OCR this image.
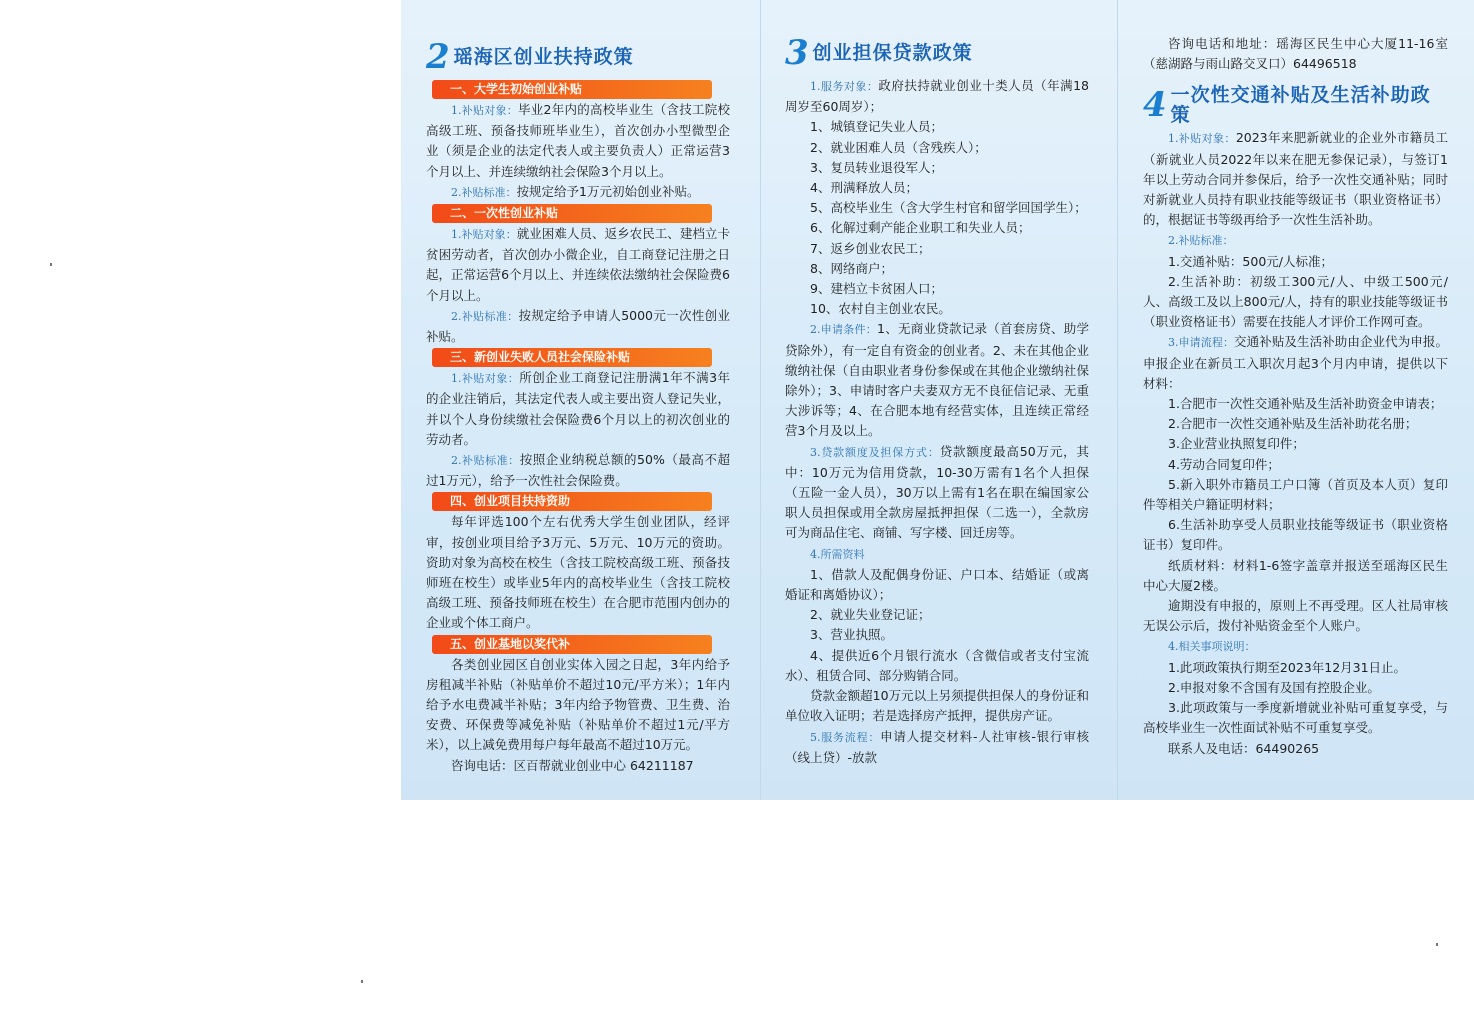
2 瑶海区创业扶持政策
一、大学生初始创业补贴

1.补贴对象：毕业2年内的高校毕业生（含技工院校高级工班、预备技师班毕业生），首次创办小型微型企业（须是企业的法定代表人或主要负责人）正常运营3个月以上、并连续缴纳社会保险3个月以上。

2.补贴标准：按规定给予1万元初始创业补贴。

二、一次性创业补贴

1.补贴对象：就业困难人员、返乡农民工、建档立卡贫困劳动者，首次创办小微企业，自工商登记注册之日起，正常运营6个月以上、并连续依法缴纳社会保险费6个月以上。

2.补贴标准：按规定给予申请人5000元一次性创业补贴。

三、新创业失败人员社会保险补贴

1.补贴对象：所创企业工商登记注册满1年不满3年的企业注销后，其法定代表人或主要出资人登记失业，并以个人身份续缴社会保险费6个月以上的初次创业的劳动者。

2.补贴标准：按照企业纳税总额的50%（最高不超过1万元），给予一次性社会保险费。

四、创业项目扶持资助

每年评选100个左右优秀大学生创业团队，经评审，按创业项目给予3万元、5万元、10万元的资助。资助对象为高校在校生（含技工院校高级工班、预备技师班在校生）或毕业5年内的高校毕业生（含技工院校高级工班、预备技师班在校生）在合肥市范围内创办的企业或个体工商户。

五、创业基地以奖代补

各类创业园区自创业实体入园之日起，3年内给予房租减半补贴（补贴单价不超过10元/平方米）；1年内给予水电费减半补贴；3年内给予物管费、卫生费、治安费、环保费等减免补贴（补贴单价不超过1元/平方米），以上减免费用每户每年最高不超过10万元。

咨询电话：区百帮就业创业中心 64211187

3 创业担保贷款政策

1.服务对象：政府扶持就业创业十类人员（年满18周岁至60周岁）；

1、城镇登记失业人员；

2、就业困难人员（含残疾人）；

3、复员转业退役军人；

4、刑满释放人员；

5、高校毕业生（含大学生村官和留学回国学生）；

6、化解过剩产能企业职工和失业人员；

7、返乡创业农民工；

8、网络商户；

9、建档立卡贫困人口；

10、农村自主创业农民。

2.申请条件：1、无商业贷款记录（首套房贷、助学贷除外），有一定自有资金的创业者。2、未在其他企业缴纳社保（自由职业者身份参保或在其他企业缴纳社保除外）；3、申请时客户夫妻双方无不良征信记录、无重大涉诉等；4、在合肥本地有经营实体，且连续正常经营3个月及以上。

3.贷款额度及担保方式：贷款额度最高50万元，其中：10万元为信用贷款，10-30万需有1名个人担保（五险一金人员），30万以上需有1名在职在编国家公职人员担保或用全款房屋抵押担保（二选一），全款房可为商品住宅、商铺、写字楼、回迁房等。

4.所需资料

1、借款人及配偶身份证、户口本、结婚证（或离婚证和离婚协议）；

2、就业失业登记证；

3、营业执照。

4、提供近6个月银行流水（含微信或者支付宝流水）、租赁合同、部分购销合同。

贷款金额超10万元以上另须提供担保人的身份证和单位收入证明；若是选择房产抵押，提供房产证。

5.服务流程：申请人提交材料-人社审核-银行审核（线上贷）-放款

咨询电话和地址：瑶海区民生中心大厦11-16室（慈湖路与雨山路交叉口）64496518

4 一次性交通补贴及生活补助政策

1.补贴对象：2023年来肥新就业的企业外市籍员工（新就业人员2022年以来在肥无参保记录），与签订1年以上劳动合同并参保后，给予一次性交通补贴；同时对新就业人员持有职业技能等级证书（职业资格证书）的，根据证书等级再给予一次性生活补助。

2.补贴标准：

1.交通补贴：500元/人标准；

2.生活补助：初级工300元/人、中级工500元/人、高级工及以上800元/人，持有的职业技能等级证书（职业资格证书）需要在技能人才评价工作网可查。

3.申请流程：交通补贴及生活补助由企业代为申报。申报企业在新员工入职次月起3个月内申请，提供以下材料：

1.合肥市一次性交通补贴及生活补助资金申请表；

2.合肥市一次性交通补贴及生活补助花名册；

3.企业营业执照复印件；

4.劳动合同复印件；

5.新入职外市籍员工户口簿（首页及本人页）复印件等相关户籍证明材料；

6.生活补助享受人员职业技能等级证书（职业资格证书）复印件。

纸质材料：材料1-6签字盖章并报送至瑶海区民生中心大厦2楼。

逾期没有申报的，原则上不再受理。区人社局审核无误公示后，拨付补贴资金至个人账户。

4.相关事项说明：

1.此项政策执行期至2023年12月31日止。

2.申报对象不含国有及国有控股企业。

3.此项政策与一季度新增就业补贴可重复享受，与高校毕业生一次性面试补贴不可重复享受。

联系人及电话：64490265
